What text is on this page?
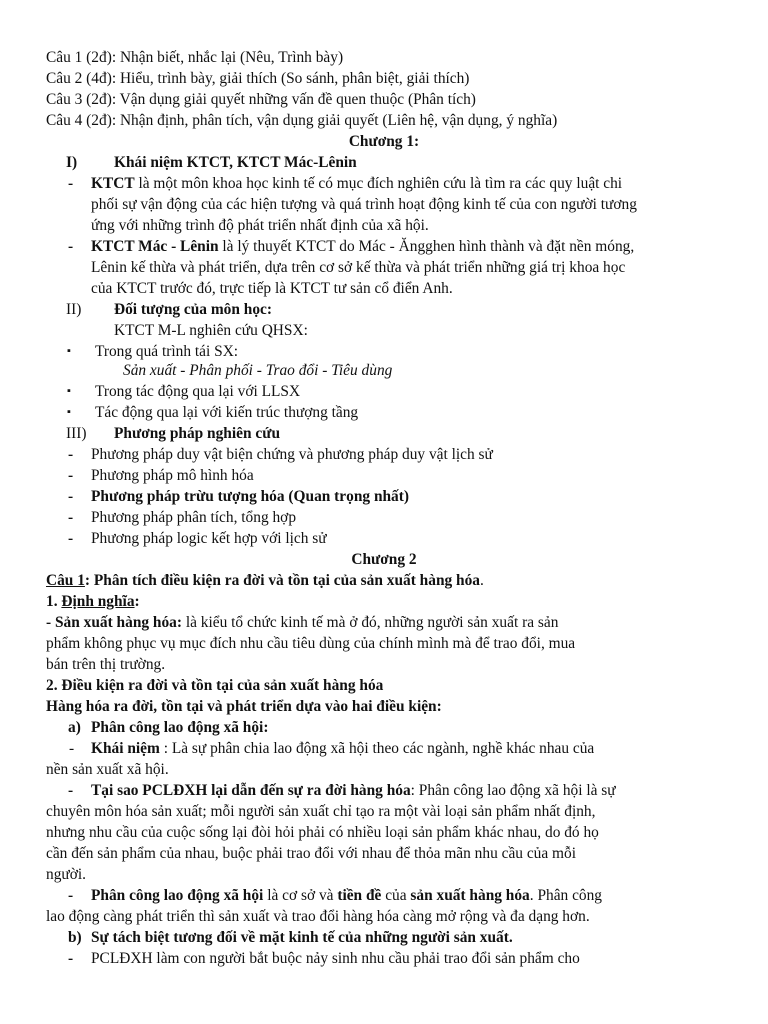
Câu 1 (2đ): Nhận biết, nhắc lại (Nêu, Trình bày)
Câu 2 (4đ): Hiểu, trình bày, giải thích (So sánh, phân biệt, giải thích)
Câu 3 (2đ): Vận dụng giải quyết những vấn đề quen thuộc (Phân tích)
Câu 4 (2đ): Nhận định, phân tích, vận dụng giải quyết (Liên hệ, vận dụng, ý nghĩa)
Chương 1:
I) Khái niệm KTCT, KTCT Mác-Lênin
- KTCT là một môn khoa học kinh tế có mục đích nghiên cứu là tìm ra các quy luật chi
phối sự vận động của các hiện tượng và quá trình hoạt động kinh tế của con người tương
ứng với những trình độ phát triển nhất định của xã hội.
- KTCT Mác - Lênin là lý thuyết KTCT do Mác - Ăngghen hình thành và đặt nền móng,
Lênin kế thừa và phát triển, dựa trên cơ sở kế thừa và phát triển những giá trị khoa học
của KTCT trước đó, trực tiếp là KTCT tư sản cổ điển Anh.
II) Đối tượng của môn học:
KTCT M-L nghiên cứu QHSX:
▪ Trong quá trình tái SX:
Sản xuất - Phân phối - Trao đổi - Tiêu dùng
▪ Trong tác động qua lại với LLSX
▪ Tác động qua lại với kiến trúc thượng tầng
III) Phương pháp nghiên cứu
- Phương pháp duy vật biện chứng và phương pháp duy vật lịch sử
- Phương pháp mô hình hóa
- Phương pháp trừu tượng hóa (Quan trọng nhất)
- Phương pháp phân tích, tổng hợp
- Phương pháp logic kết hợp với lịch sử
Chương 2
Câu 1: Phân tích điều kiện ra đời và tồn tại của sản xuất hàng hóa.
1. Định nghĩa:
- Sản xuất hàng hóa: là kiểu tổ chức kinh tế mà ở đó, những người sản xuất ra sản
phẩm không phục vụ mục đích nhu cầu tiêu dùng của chính mình mà để trao đổi, mua
bán trên thị trường.
2. Điều kiện ra đời và tồn tại của sản xuất hàng hóa
Hàng hóa ra đời, tồn tại và phát triển dựa vào hai điều kiện:
a) Phân công lao động xã hội:
- Khái niệm : Là sự phân chia lao động xã hội theo các ngành, nghề khác nhau của
nền sản xuất xã hội.
- Tại sao PCLĐXH lại dẫn đến sự ra đời hàng hóa: Phân công lao động xã hội là sự
chuyên môn hóa sản xuất; mỗi người sản xuất chỉ tạo ra một vài loại sản phẩm nhất định,
nhưng nhu cầu của cuộc sống lại đòi hỏi phải có nhiều loại sản phẩm khác nhau, do đó họ
cần đến sản phẩm của nhau, buộc phải trao đổi với nhau để thỏa mãn nhu cầu của mỗi
người.
- Phân công lao động xã hội là cơ sở và tiền đề của sản xuất hàng hóa. Phân công
lao động càng phát triển thì sản xuất và trao đổi hàng hóa càng mở rộng và đa dạng hơn.
b) Sự tách biệt tương đối về mặt kinh tế của những người sản xuất.
- PCLĐXH làm con người bắt buộc nảy sinh nhu cầu phải trao đổi sản phẩm cho
